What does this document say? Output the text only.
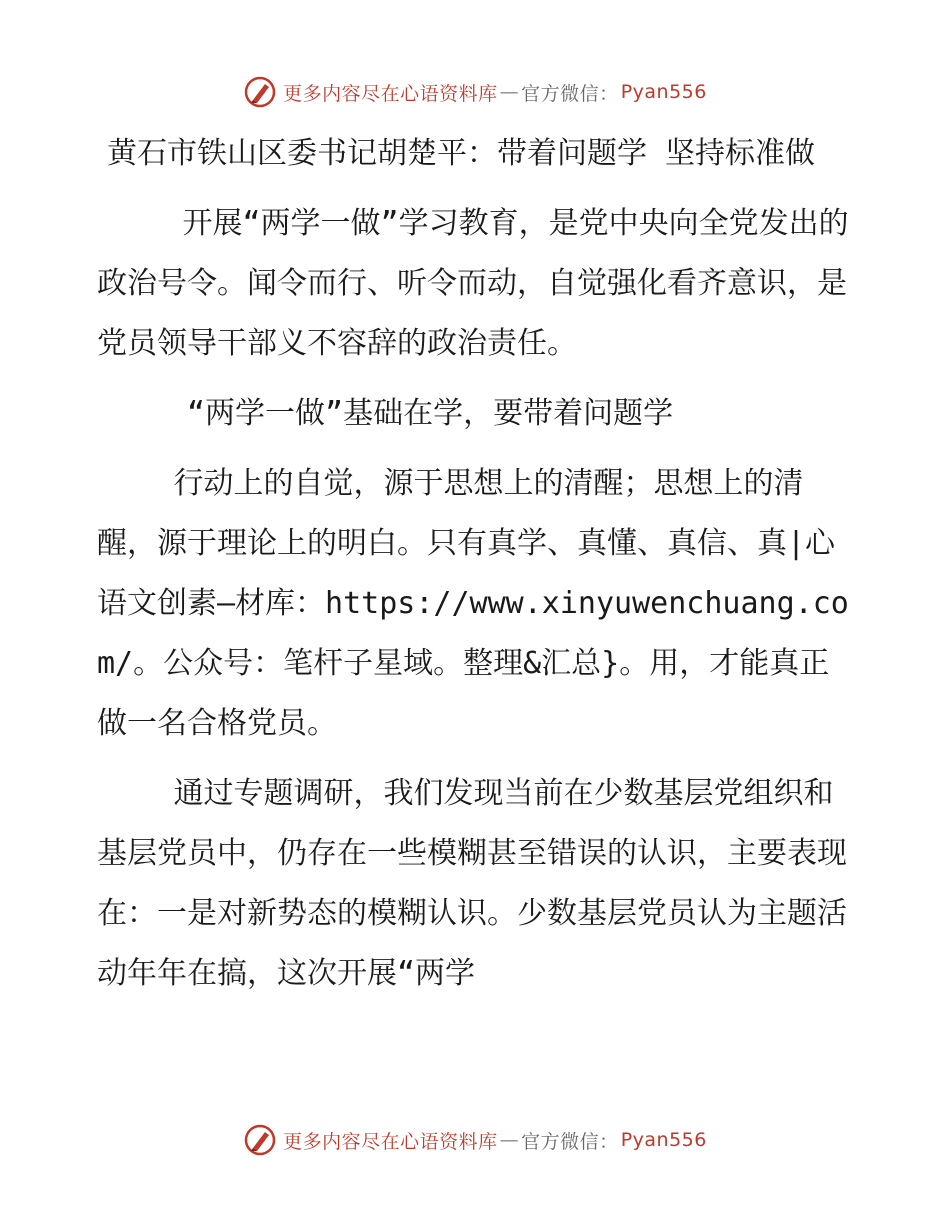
更多内容尽在心语资料库 — 官方微信： Pyan556
黄石市铁山区委书记胡楚平：带着问题学 坚持标准做

开展“两学一做”学习教育，是党中央向全党发出的政治号令。闻令而行、听令而动，自觉强化看齐意识，是党员领导干部义不容辞的政治责任。

“两学一做”基础在学，要带着问题学

行动上的自觉，源于思想上的清醒；思想上的清醒，源于理论上的明白。只有真学、真懂、真信、真|心语文创素—材库：https://www.xinyuwenchuang.com/。公众号：笔杆子星域。整理&汇总}。用，才能真正做一名合格党员。

通过专题调研，我们发现当前在少数基层党组织和基层党员中，仍存在一些模糊甚至错误的认识，主要表现在：一是对新势态的模糊认识。少数基层党员认为主题活动年年在搞，这次开展“两学

更多内容尽在心语资料库 — 官方微信： Pyan556
